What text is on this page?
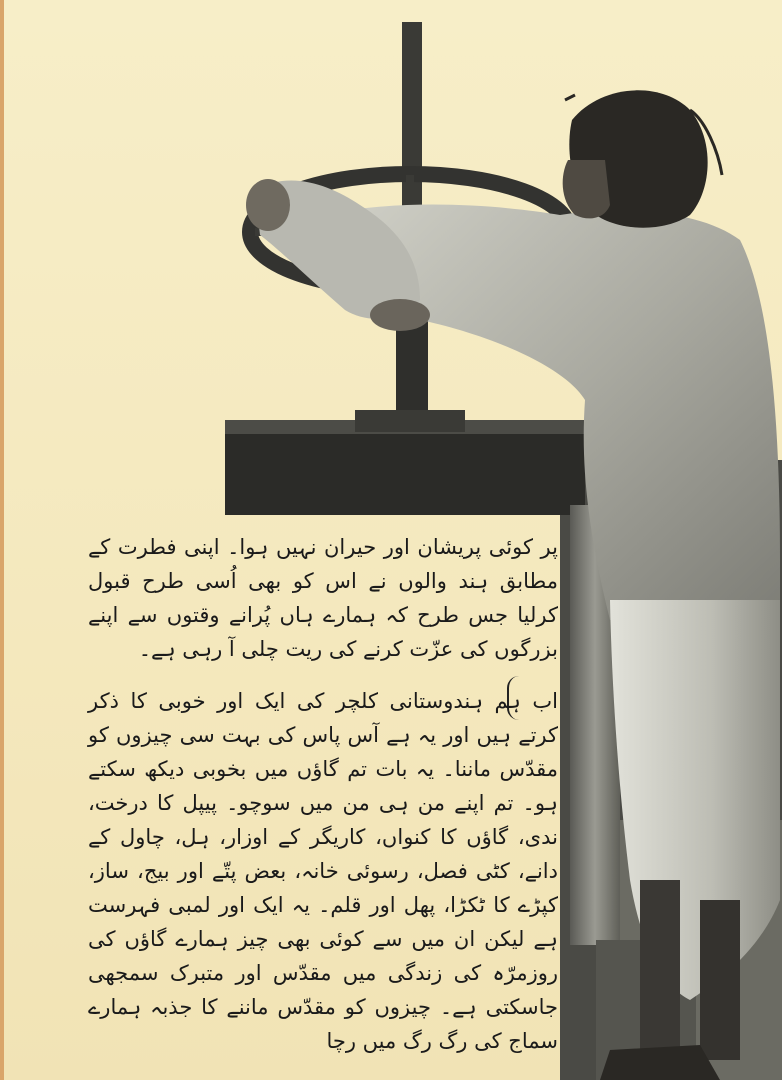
پر کوئی پریشان اور حیران نہیں ہوا۔ اپنی فطرت کے مطابق ہند والوں نے اس کو بھی اُسی طرح قبول کرلیا جس طرح کہ ہمارے ہاں پُرانے وقتوں سے اپنے بزرگوں کی عزّت کرنے کی ریت چلی آ رہی ہے۔

اب ہم ہندوستانی کلچر کی ایک اور خوبی کا ذکر کرتے ہیں اور یہ ہے آس پاس کی بہت سی چیزوں کو مقدّس ماننا۔ یہ بات تم گاؤں میں بخوبی دیکھ سکتے ہو۔ تم اپنے من ہی من میں سوچو۔ پیپل کا درخت، ندی، گاؤں کا کنواں، کاریگر کے اوزار، ہل، چاول کے دانے، کٹی فصل، رسوئی خانہ، بعض پتّے اور بیج، ساز، کپڑے کا ٹکڑا، پھل اور قلم۔ یہ ایک اور لمبی فہرست ہے لیکن ان میں سے کوئی بھی چیز ہمارے گاؤں کی روزمرّہ کی زندگی میں مقدّس اور متبرک سمجھی جاسکتی ہے۔ چیزوں کو مقدّس ماننے کا جذبہ ہمارے سماج کی رگ رگ میں رچا
